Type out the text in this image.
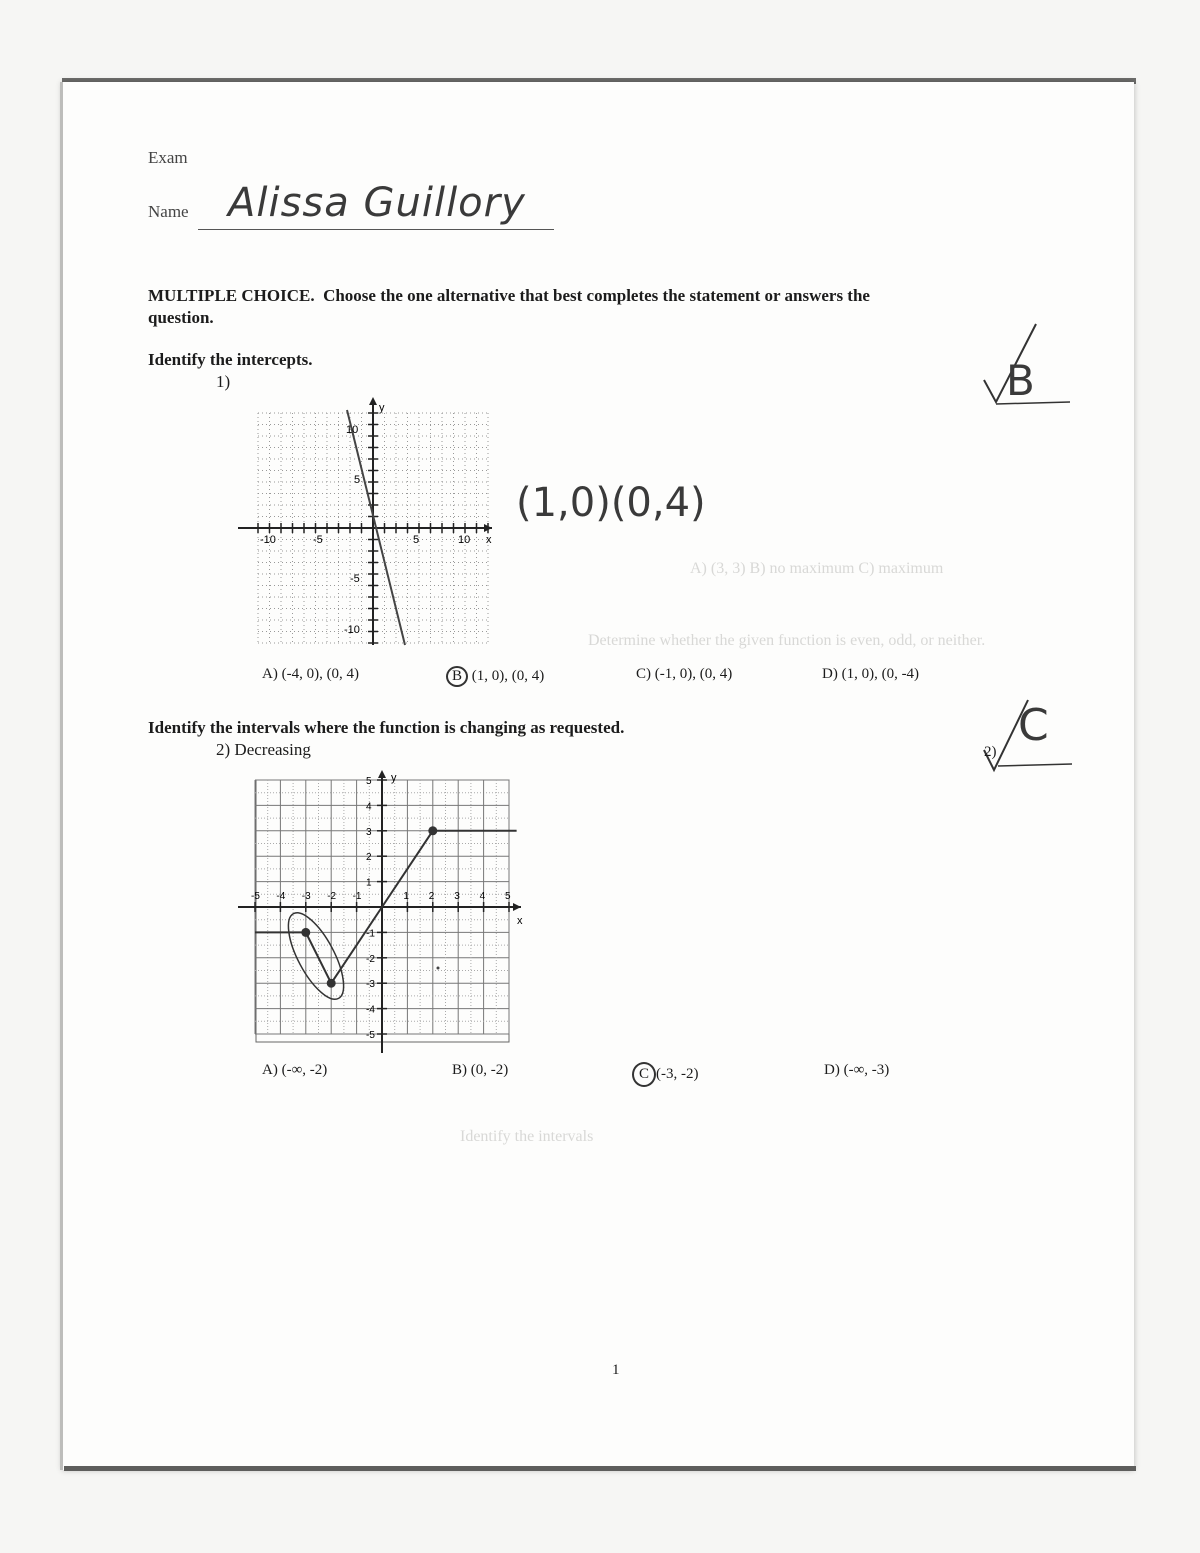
Determine whether the given function is even, odd, or neither.
A) (3, 3) B) no maximum C) maximum
Identify the intervals
Exam
Name Alissa Guillory
MULTIPLE CHOICE. Choose the one alternative that best completes the statement or answers the
question.
Identify the intercepts.
1)
y
x
-10	-5	5	10
10
5
-5
-10
(1,0)(0,4)
B
A) (-4, 0), (0, 4)	B (1, 0), (0, 4)	C) (-1, 0), (0, 4)	D) (1, 0), (0, -4)
Identify the intervals where the function is changing as requested.
2) Decreasing	C
2)
y
x
-5 -4 -3 -2 -1	1 2 3 4 5
5
4
3
2
1
-1
-2
-3
-4
-5
A) (-∞, -2)	B) (0, -2)	C (-3, -2)	D) (-∞, -3)
1
